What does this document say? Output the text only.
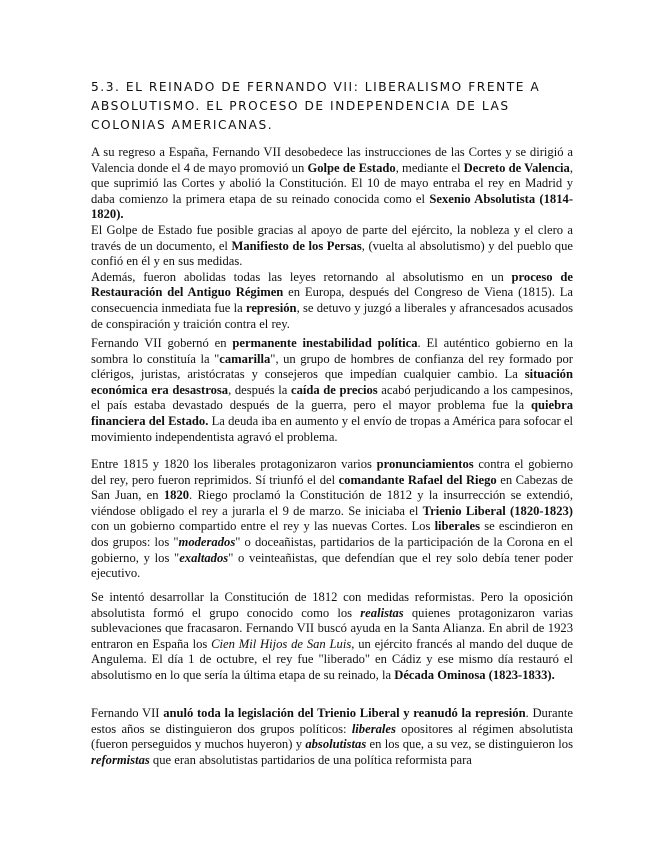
5.3. EL REINADO DE FERNANDO VII: LIBERALISMO FRENTE A ABSOLUTISMO. EL PROCESO DE INDEPENDENCIA DE LAS COLONIAS AMERICANAS.

A su regreso a España, Fernando VII desobedece las instrucciones de las Cortes y se dirigió a Valencia donde el 4 de mayo promovió un Golpe de Estado, mediante el Decreto de Valencia, que suprimió las Cortes y abolió la Constitución. El 10 de mayo entraba el rey en Madrid y daba comienzo la primera etapa de su reinado conocida como el Sexenio Absolutista (1814-1820).

El Golpe de Estado fue posible gracias al apoyo de parte del ejército, la nobleza y el clero a través de un documento, el Manifiesto de los Persas, (vuelta al absolutismo) y del pueblo que confió en él y en sus medidas.

Además, fueron abolidas todas las leyes retornando al absolutismo en un proceso de Restauración del Antiguo Régimen en Europa, después del Congreso de Viena (1815). La consecuencia inmediata fue la represión, se detuvo y juzgó a liberales y afrancesados acusados de conspiración y traición contra el rey.

Fernando VII gobernó en permanente inestabilidad política. El auténtico gobierno en la sombra lo constituía la "camarilla", un grupo de hombres de confianza del rey formado por clérigos, juristas, aristócratas y consejeros que impedían cualquier cambio. La situación económica era desastrosa, después la caída de precios acabó perjudicando a los campesinos, el país estaba devastado después de la guerra, pero el mayor problema fue la quiebra financiera del Estado. La deuda iba en aumento y el envío de tropas a América para sofocar el movimiento independentista agravó el problema.

Entre 1815 y 1820 los liberales protagonizaron varios pronunciamientos contra el gobierno del rey, pero fueron reprimidos. Sí triunfó el del comandante Rafael del Riego en Cabezas de San Juan, en 1820. Riego proclamó la Constitución de 1812 y la insurrección se extendió, viéndose obligado el rey a jurarla el 9 de marzo. Se iniciaba el Trienio Liberal (1820-1823) con un gobierno compartido entre el rey y las nuevas Cortes. Los liberales se escindieron en dos grupos: los "moderados" o doceañistas, partidarios de la participación de la Corona en el gobierno, y los "exaltados" o veinteañistas, que defendían que el rey solo debía tener poder ejecutivo.

Se intentó desarrollar la Constitución de 1812 con medidas reformistas. Pero la oposición absolutista formó el grupo conocido como los realistas quienes protagonizaron varias sublevaciones que fracasaron. Fernando VII buscó ayuda en la Santa Alianza. En abril de 1923 entraron en España los Cien Mil Hijos de San Luis, un ejército francés al mando del duque de Angulema. El día 1 de octubre, el rey fue "liberado" en Cádiz y ese mismo día restauró el absolutismo en lo que sería la última etapa de su reinado, la Década Ominosa (1823-1833).

Fernando VII anuló toda la legislación del Trienio Liberal y reanudó la represión. Durante estos años se distinguieron dos grupos políticos: liberales opositores al régimen absolutista (fueron perseguidos y muchos huyeron) y absolutistas en los que, a su vez, se distinguieron los reformistas que eran absolutistas partidarios de una política reformista para
